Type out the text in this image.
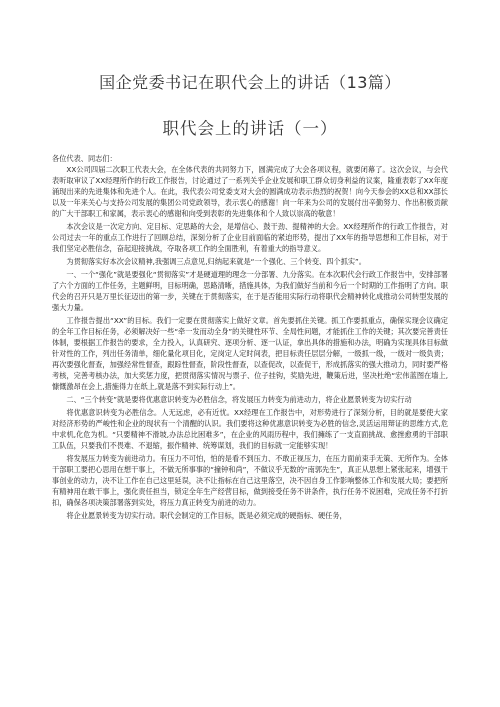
国企党委书记在职代会上的讲话（13篇）
职代会上的讲话（一）

各位代表、同志们：

XX公司四届二次职工代表大会，在全体代表的共同努力下，圆满完成了大会各项议程，就要闭幕了。这次会议，与会代表听取审议了XX经理所作的行政工作报告，讨论通过了一系列关乎企业发展和职工群众切身利益的议案，隆重表彰了XX年度涌现出来的先进集体和先进个人。在此，我代表公司党委支对大会的圆满成功表示热烈的祝贺！向今天参会的XX总和XX部长以及一年来关心与支持公司发展的集团公司党政领导，表示衷心的感谢！向一年来为公司的发展付出辛勤努力、作出积极贡献的广大干部职工和家属，表示衷心的感谢和向受到表彰的先进集体和个人致以崇高的敬意！

本次会议是一次定方向、定目标、定思路的大会，是增信心、鼓干劲、提精神的大会。XX经理所作的行政工作报告，对公司过去一年的重点工作进行了回顾总结，深刻分析了企业目前面临的紧迫形势，提出了XX年的指导思想和工作目标，对于我们坚定必胜信念，奋起迎接挑战，夺取各项工作的全面胜利，有着重大的指导意义。

为贯彻落实好本次会议精神,我强调三点意见,归纳起来就是“一个强化、三个转变、四个抓实”。

一、一个“强化”就是要强化“贯彻落实”才是硬道理的理念一分部署、九分落实。在本次职代会行政工作报告中，安排部署了六个方面的工作任务，主题鲜明，目标明确，思路清晰，措施具体，为我们做好当前和今后一个时期的工作指明了方向。职代会的召开只是万里长征迈出的第一步，关键在于贯彻落实，在于是否能用实际行动将职代会精神转化成推动公司转型发展的强大力量。

工作报告提出“XX”的目标。我们一定要在贯彻落实上做好文章。首先要抓住关键。抓工作要抓重点，确保实现会议确定的全年工作目标任务，必须解决好一些“牵一发而动全身”的关键性环节、全局性问题，才能抓住工作的关键；其次要完善责任体制，要根据工作报告的要求，全力投入，认真研究、逐项分析、逐一认证，拿出具体的措施和办法，明确为实现具体目标做针对性的工作，列出任务清单，细化量化项目化，定岗定人定时间表，把目标责任层层分解，一级抓一级，一级对一级负责；再次要强化督查，加强经常性督查，跟踪性督查，阶段性督查，以查促改，以查促干，形成抓落实的强大推动力，同时要严格考核，完善考核办法，加大奖惩力度，把贯彻落实情况与票子、位子挂钩，奖励先进，鞭策后进，坚决杜绝“宏伟蓝图在墙上,慷慨激昂在会上,措施得力在纸上,就是落不到实际行动上”。

二、“三个转变”就是要将优惠意识转变为必胜信念，将发展压力转变为前进动力，将企业愿景转变为切实行动

将优惠意识转变为必胜信念。人无远虑，必有近忧。XX经理在工作报告中，对形势进行了深刻分析，目的就是要使大家对经济形势的严峻性和企业的现状有一个清醒的认识。我们要将这种优惠意识转变为必胜的信念,灵活运用辩证的思维方式,危中求机,化危为机。“只要精神不滑坡,办法总比困难多”，在企业的风雨历程中，我们擁练了一支直面挑战、愈挫愈勇的干部职工队伍，只要我们不畏难、不退缩，振作精神、统筹谋划，我们的目标就一定能够实现！

将发展压力转变为前进动力。有压力不可怕，怕的是看不到压力、不敢正视压力，在压力面前束手无策、无所作为。全体干部职工要把心思用在想干事上，不做无所事事的“撞钟和尚”，不做议乎无数的“南郭先生”，真正从思想上紧张起来，增强干事创业的动力，决不让工作在自己这里延误，决不让指标在自己这里落空，决不因自身工作影响整体工作和发展大局；要把所有精神用在敢干事上，强化责任担当，锁定全年生产经营目标，做到接受任务不讲条件，执行任务不说困难，完成任务不打折扣，确保各项决策部署落到实处，将压力真正转变为前进的动力。

将企业愿景转变为切实行动。职代会制定的工作目标，既是必须完成的硬指标、硬任务，
